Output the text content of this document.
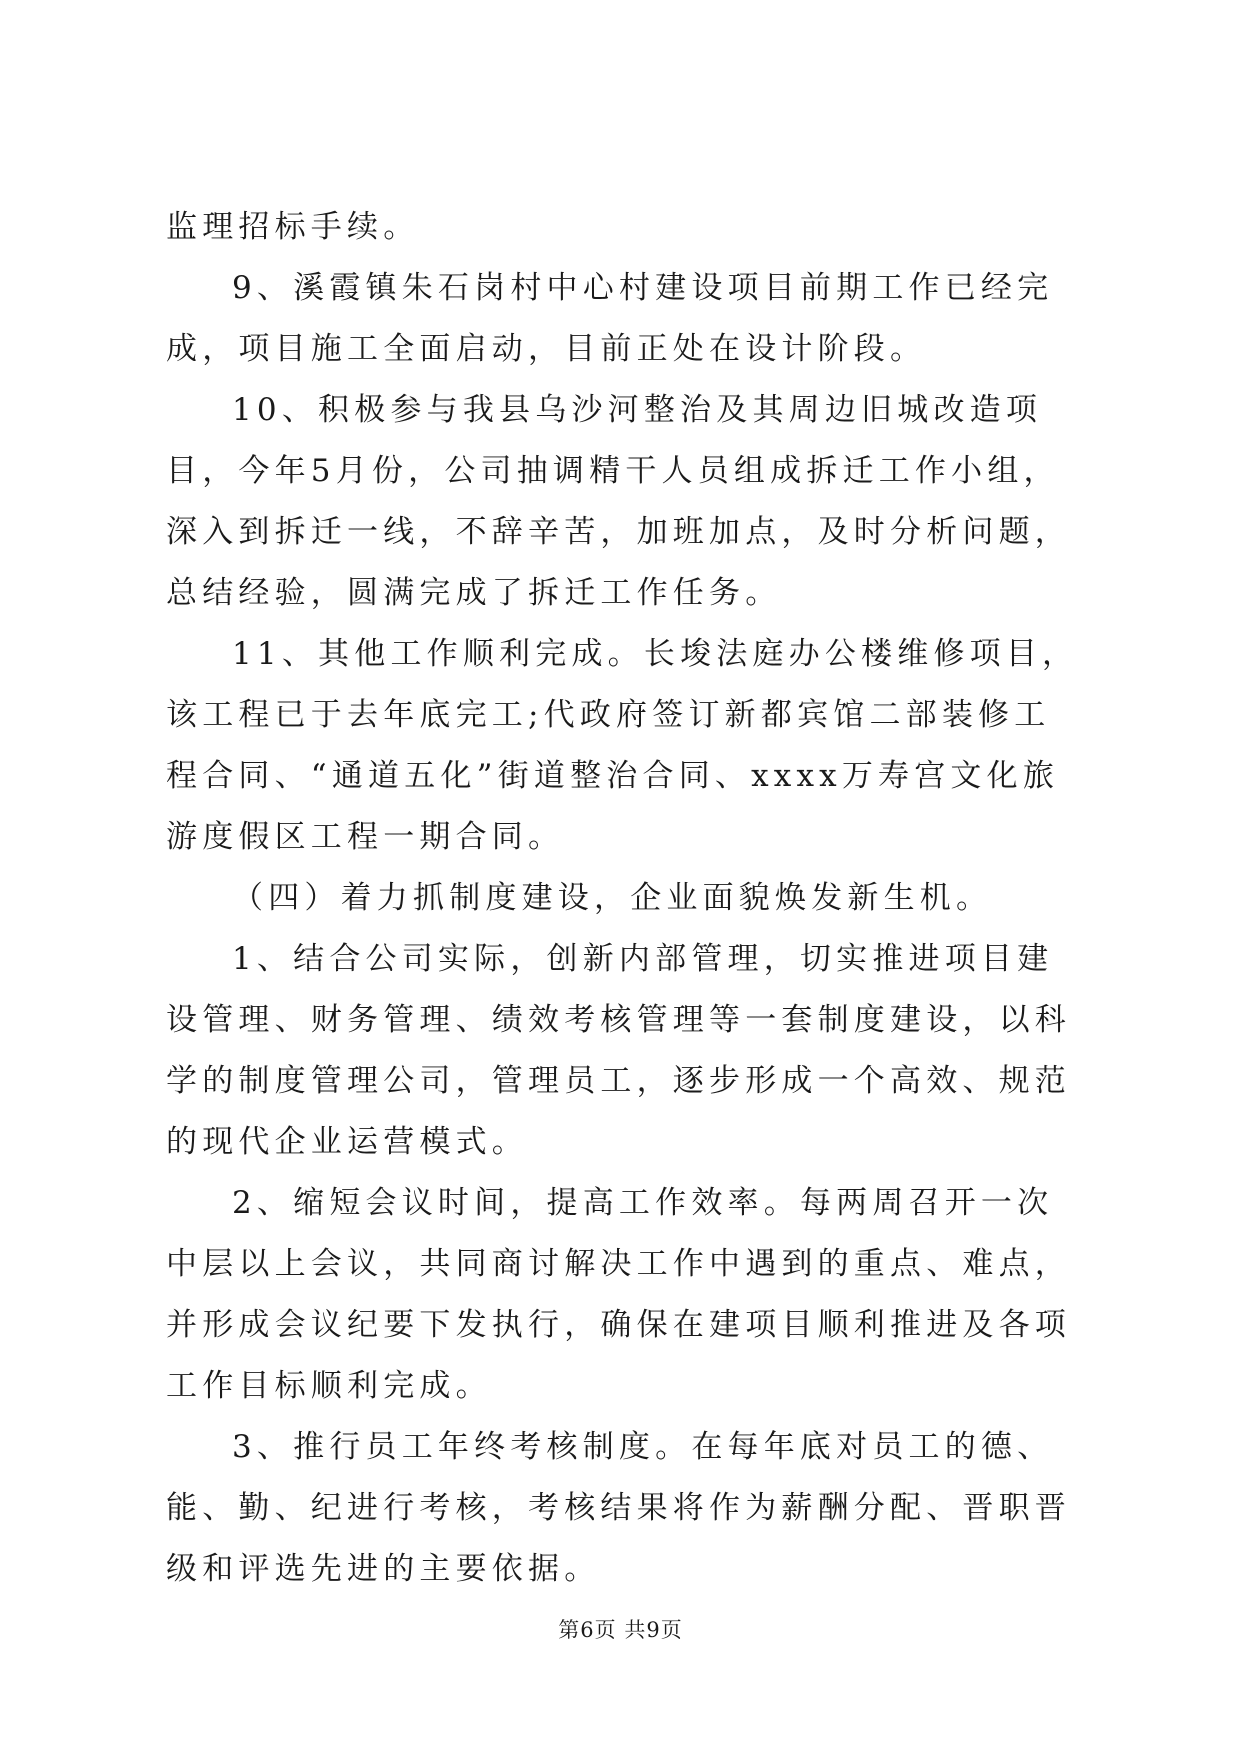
监理招标手续。

9、溪霞镇朱石岗村中心村建设项目前期工作已经完成，项目施工全面启动，目前正处在设计阶段。

10、积极参与我县乌沙河整治及其周边旧城改造项目，今年5月份，公司抽调精干人员组成拆迁工作小组，深入到拆迁一线，不辞辛苦，加班加点，及时分析问题，总结经验，圆满完成了拆迁工作任务。

11、其他工作顺利完成。长埈法庭办公楼维修项目，该工程已于去年底完工;代政府签订新都宾馆二部装修工程合同、“通道五化”街道整治合同、xxxx万寿宫文化旅游度假区工程一期合同。

（四）着力抓制度建设，企业面貌焕发新生机。

1、结合公司实际，创新内部管理，切实推进项目建设管理、财务管理、绩效考核管理等一套制度建设，以科学的制度管理公司，管理员工，逐步形成一个高效、规范的现代企业运营模式。

2、缩短会议时间，提高工作效率。每两周召开一次中层以上会议，共同商讨解决工作中遇到的重点、难点，并形成会议纪要下发执行，确保在建项目顺利推进及各项工作目标顺利完成。

3、推行员工年终考核制度。在每年底对员工的德、能、勤、纪进行考核，考核结果将作为薪酬分配、晋职晋级和评选先进的主要依据。

第6页 共9页
